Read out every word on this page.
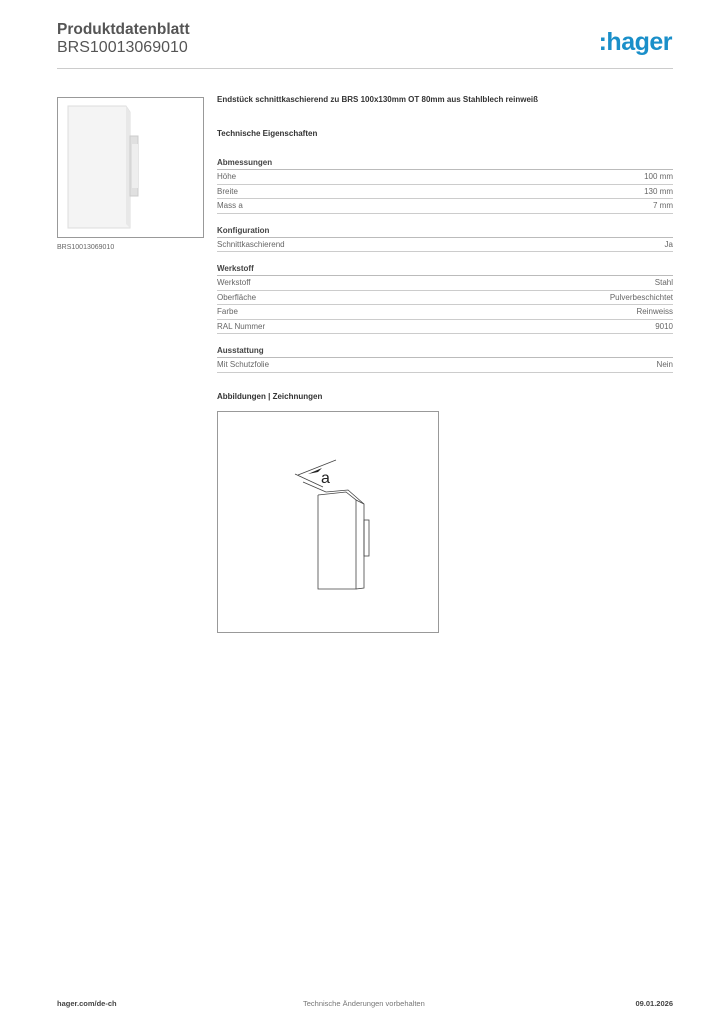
Produktdatenblatt
BRS10013069010	:hager
BRS10013069010
Endstück schnittkaschierend zu BRS 100x130mm OT 80mm aus Stahlblech reinweiß
Technische Eigenschaften
Abmessungen
Höhe	100 mm
Breite	130 mm
Mass a	7 mm
Konfiguration
Schnittkaschierend	Ja
Werkstoff
Werkstoff	Stahl
Oberfläche	Pulverbeschichtet
Farbe	Reinweiss
RAL Nummer	9010
Ausstattung
Mit Schutzfolie	Nein
Abbildungen | Zeichnungen
a
hager.com/de-ch	Technische Änderungen vorbehalten	09.01.2026
